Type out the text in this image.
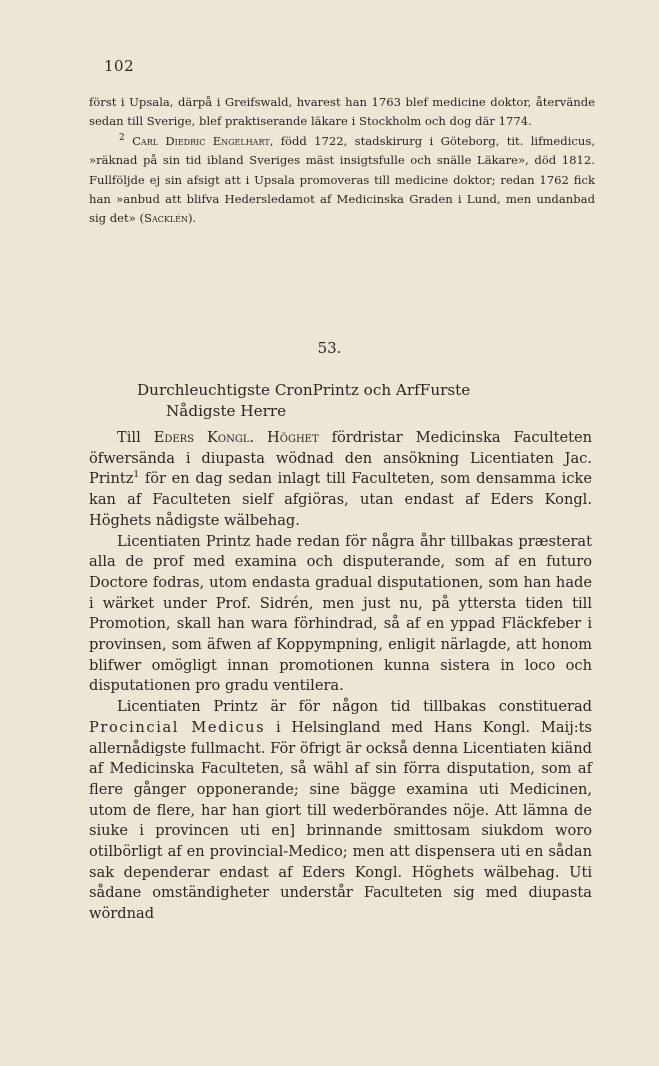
102

först i Upsala, därpå i Greifswald, hvarest han 1763 blef medicine doktor, återvände sedan till Sverige, blef praktiserande läkare i Stockholm och dog där 1774.

$^2$ Carl Diedric Engelhart, född 1722, stadskirurg i Göteborg, tit. lifmedicus, »räknad på sin tid ibland Sveriges mäst insigtsfulle och snälle Läkare», död 1812. Fullföljde ej sin afsigt att i Upsala promoveras till medicine doktor; redan 1762 fick han »anbud att blifva Hedersledamot af Medicinska Graden i Lund, men undanbad sig det» (Sacklén).

53.
Durchleuchtigste CronPrintz och ArfFurste
Nådigste Herre

Till Eders Kongl. Höghet fördristar Medicinska Faculteten öfwersända i diupasta wödnad den ansökning Licentiaten Jac. Printz$^1$ för en dag sedan inlagt till Faculteten, som densamma icke kan af Faculteten sielf afgiöras, utan endast af Eders Kongl. Höghets nådigste wälbehag.

Licentiaten Printz hade redan för några åhr tillbakas præsterat alla de prof med examina och disputerande, som af en futuro Doctore fodras, utom endasta gradual disputationen, som han hade i wärket under Prof. Sidrén, men just nu, på yttersta tiden till Promotion, skall han wara förhindrad, så af en yppad Fläckfeber i provinsen, som äfwen af Koppympning, enligit närlagde, att honom blifwer omögligt innan promotionen kunna sistera in loco och disputationen pro gradu ventilera.

Licentiaten Printz är för någon tid tillbakas constituerad Procincial Medicus i Helsingland med Hans Kongl. Maij:ts allernådigste fullmacht. För öfrigt är också denna Licentiaten kiänd af Medicinska Faculteten, så wähl af sin förra disputation, som af flere gånger opponerande; sine bägge examina uti Medicinen, utom de flere, har han giort till wederbörandes nöje. Att lämna de siuke i provincen uti en] brinnande smittosam siukdom woro otilbörligt af en provincial-Medico; men att dispensera uti en sådan sak dependerar endast af Eders Kongl. Höghets wälbehag. Uti sådane omständigheter understår Faculteten sig med diupasta wördnad
